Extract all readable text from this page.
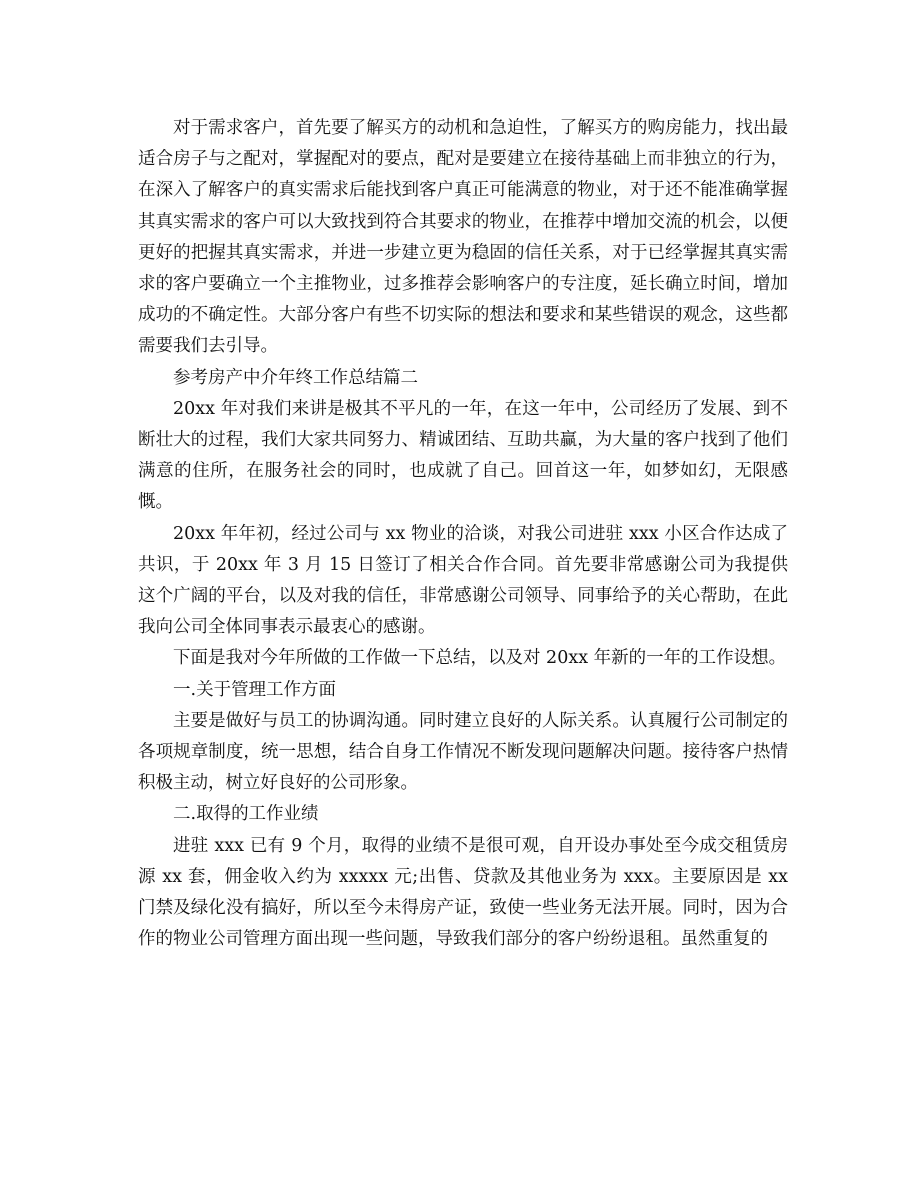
对于需求客户，首先要了解买方的动机和急迫性，了解买方的购房能力，找出最适合房子与之配对，掌握配对的要点，配对是要建立在接待基础上而非独立的行为，在深入了解客户的真实需求后能找到客户真正可能满意的物业，对于还不能准确掌握其真实需求的客户可以大致找到符合其要求的物业，在推荐中增加交流的机会，以便更好的把握其真实需求，并进一步建立更为稳固的信任关系，对于已经掌握其真实需求的客户要确立一个主推物业，过多推荐会影响客户的专注度，延长确立时间，增加成功的不确定性。大部分客户有些不切实际的想法和要求和某些错误的观念，这些都需要我们去引导。

参考房产中介年终工作总结篇二

20xx 年对我们来讲是极其不平凡的一年，在这一年中，公司经历了发展、到不断壮大的过程，我们大家共同努力、精诚团结、互助共赢，为大量的客户找到了他们满意的住所，在服务社会的同时，也成就了自己。回首这一年，如梦如幻，无限感慨。

20xx 年年初，经过公司与 xx 物业的洽谈，对我公司进驻 xxx 小区合作达成了共识，于 20xx 年 3 月 15 日签订了相关合作合同。首先要非常感谢公司为我提供这个广阔的平台，以及对我的信任，非常感谢公司领导、同事给予的关心帮助，在此我向公司全体同事表示最衷心的感谢。

下面是我对今年所做的工作做一下总结，以及对 20xx 年新的一年的工作设想。

一.关于管理工作方面

主要是做好与员工的协调沟通。同时建立良好的人际关系。认真履行公司制定的各项规章制度，统一思想，结合自身工作情况不断发现问题解决问题。接待客户热情积极主动，树立好良好的公司形象。

二.取得的工作业绩

进驻 xxx 已有 9 个月，取得的业绩不是很可观，自开设办事处至今成交租赁房源 xx 套，佣金收入约为 xxxxx 元;出售、贷款及其他业务为 xxx。主要原因是 xx 门禁及绿化没有搞好，所以至今未得房产证，致使一些业务无法开展。同时，因为合作的物业公司管理方面出现一些问题，导致我们部分的客户纷纷退租。虽然重复的
